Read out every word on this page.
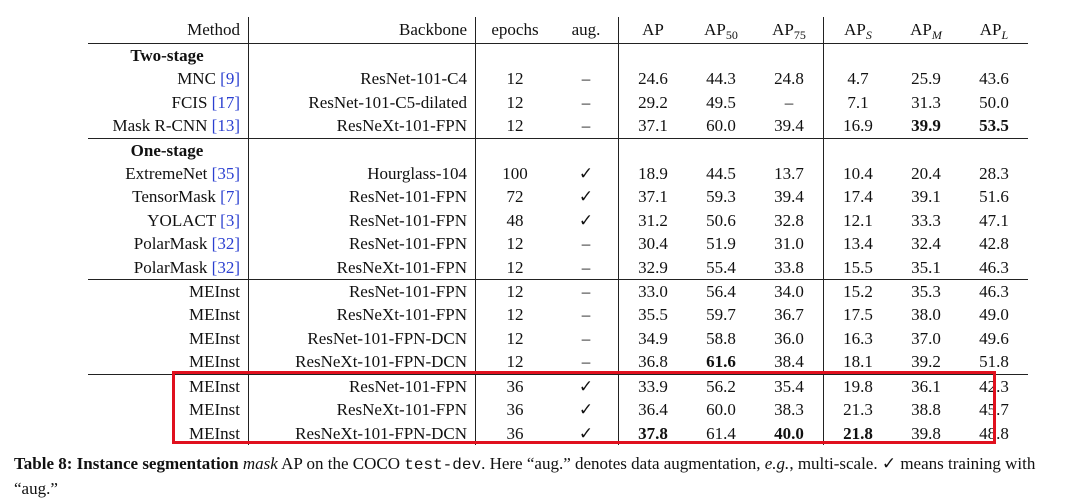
Method	Backbone	epochs	aug.	AP	$AP_{50}$	$AP_{75}$	$AP_S$	$AP_M$	$AP_L$
Two-stage									
MNC [9]	ResNet-101-C4	12	–	24.6	44.3	24.8	4.7	25.9	43.6
FCIS [17]	ResNet-101-C5-dilated	12	–	29.2	49.5	–	7.1	31.3	50.0
Mask R-CNN [13]	ResNeXt-101-FPN	12	–	37.1	60.0	39.4	16.9	39.9	53.5
One-stage									
ExtremeNet [35]	Hourglass-104	100	✓	18.9	44.5	13.7	10.4	20.4	28.3
TensorMask [7]	ResNet-101-FPN	72	✓	37.1	59.3	39.4	17.4	39.1	51.6
YOLACT [3]	ResNet-101-FPN	48	✓	31.2	50.6	32.8	12.1	33.3	47.1
PolarMask [32]	ResNet-101-FPN	12	–	30.4	51.9	31.0	13.4	32.4	42.8
PolarMask [32]	ResNeXt-101-FPN	12	–	32.9	55.4	33.8	15.5	35.1	46.3
MEInst	ResNet-101-FPN	12	–	33.0	56.4	34.0	15.2	35.3	46.3
MEInst	ResNeXt-101-FPN	12	–	35.5	59.7	36.7	17.5	38.0	49.0
MEInst	ResNet-101-FPN-DCN	12	–	34.9	58.8	36.0	16.3	37.0	49.6
MEInst	ResNeXt-101-FPN-DCN	12	–	36.8	61.6	38.4	18.1	39.2	51.8
MEInst	ResNet-101-FPN	36	✓	33.9	56.2	35.4	19.8	36.1	42.3
MEInst	ResNeXt-101-FPN	36	✓	36.4	60.0	38.3	21.3	38.8	45.7
MEInst	ResNeXt-101-FPN-DCN	36	✓	37.8	61.4	40.0	21.8	39.8	48.8
Table 8: Instance segmentation mask AP on the COCO test-dev. Here “aug.” denotes data augmentation, e.g., multi-scale. ✓ means training with “aug.”
